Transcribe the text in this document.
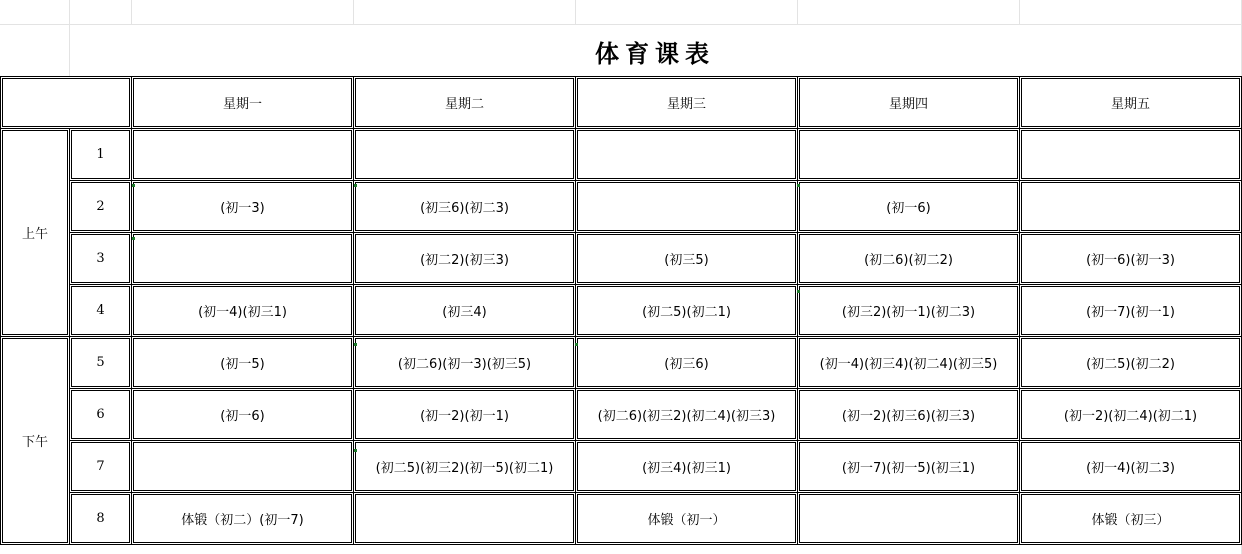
体育课表
		星期一	星期二	星期三	星期四	星期五
上午	1					
	2	(初一3)	(初三6)(初二3)		(初一6)	
	3		(初二2)(初三3)	(初三5)	(初二6)(初二2)	(初一6)(初一3)
	4	(初一4)(初三1)	(初三4)	(初二5)(初二1)	(初三2)(初一1)(初二3)	(初一7)(初一1)
下午	5	(初一5)	(初二6)(初一3)(初三5)	(初三6)	(初一4)(初三4)(初二4)(初三5)	(初二5)(初二2)
	6	(初一6)	(初一2)(初一1)	(初二6)(初三2)(初二4)(初三3)	(初一2)(初三6)(初三3)	(初一2)(初二4)(初二1)
	7		(初二5)(初三2)(初一5)(初二1)	(初三4)(初三1)	(初一7)(初一5)(初三1)	(初一4)(初二3)
	8	体锻（初二）(初一7)		体锻（初一）		体锻（初三）
